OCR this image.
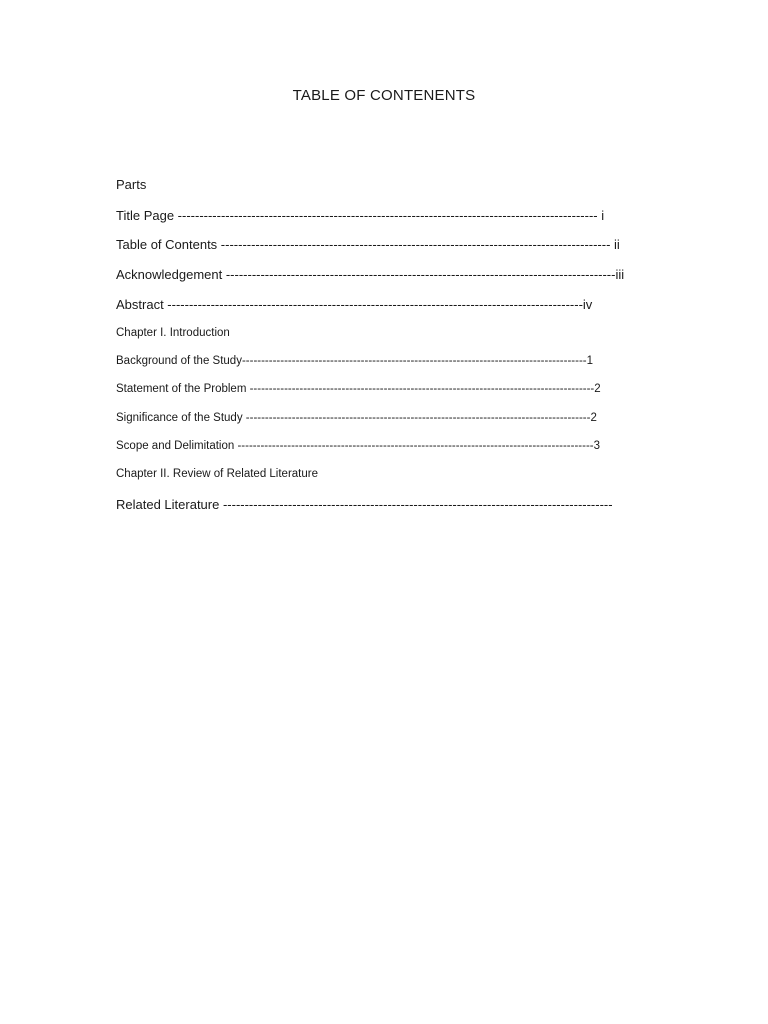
TABLE OF CONTENENTS
Parts
Title Page ------------------------------------------------------------------------------------------------- i
Table of Contents ------------------------------------------------------------------------------------------ ii
Acknowledgement ------------------------------------------------------------------------------------------iii
Abstract ------------------------------------------------------------------------------------------------iv
Chapter I. Introduction
Background of the Study------------------------------------------------------------------------------------------1
Statement of the Problem ------------------------------------------------------------------------------------------2
Significance of the Study ------------------------------------------------------------------------------------------2
Scope and Delimitation ---------------------------------------------------------------------------------------------3
Chapter II. Review of Related Literature
Related Literature ------------------------------------------------------------------------------------------
